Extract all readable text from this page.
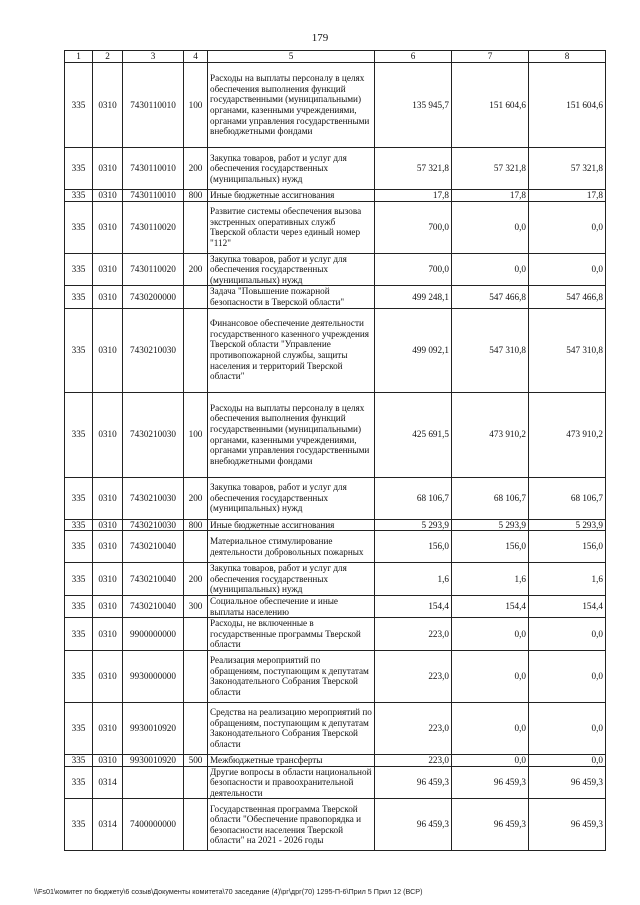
179
1	2	3	4	5	6	7	8
335	0310	7430110010	100	Расходы на выплаты персоналу в целях обеспечения выполнения функций государственными (муниципальными) органами, казенными учреждениями, органами управления государственными внебюджетными фондами	135 945,7	151 604,6	151 604,6
335	0310	7430110010	200	Закупка товаров, работ и услуг для обеспечения государственных (муниципальных) нужд	57 321,8	57 321,8	57 321,8
335	0310	7430110010	800	Иные бюджетные ассигнования	17,8	17,8	17,8
335	0310	7430110020		Развитие системы обеспечения вызова экстренных оперативных служб Тверской области через единый номер "112"	700,0	0,0	0,0
335	0310	7430110020	200	Закупка товаров, работ и услуг для обеспечения государственных (муниципальных) нужд	700,0	0,0	0,0
335	0310	7430200000		Задача "Повышение пожарной безопасности в Тверской области"	499 248,1	547 466,8	547 466,8
335	0310	7430210030		Финансовое обеспечение деятельности государственного казенного учреждения Тверской области "Управление противопожарной службы, защиты населения и территорий Тверской области"	499 092,1	547 310,8	547 310,8
335	0310	7430210030	100	Расходы на выплаты персоналу в целях обеспечения выполнения функций государственными (муниципальными) органами, казенными учреждениями, органами управления государственными внебюджетными фондами	425 691,5	473 910,2	473 910,2
335	0310	7430210030	200	Закупка товаров, работ и услуг для обеспечения государственных (муниципальных) нужд	68 106,7	68 106,7	68 106,7
335	0310	7430210030	800	Иные бюджетные ассигнования	5 293,9	5 293,9	5 293,9
335	0310	7430210040		Материальное стимулирование деятельности добровольных пожарных	156,0	156,0	156,0
335	0310	7430210040	200	Закупка товаров, работ и услуг для обеспечения государственных (муниципальных) нужд	1,6	1,6	1,6
335	0310	7430210040	300	Социальное обеспечение и иные выплаты населению	154,4	154,4	154,4
335	0310	9900000000		Расходы, не включенные в государственные программы Тверской области	223,0	0,0	0,0
335	0310	9930000000		Реализация мероприятий по обращениям, поступающим к депутатам Законодательного Собрания Тверской области	223,0	0,0	0,0
335	0310	9930010920		Средства на реализацию мероприятий по обращениям, поступающим к депутатам Законодательного Собрания Тверской области	223,0	0,0	0,0
335	0310	9930010920	500	Межбюджетные трансферты	223,0	0,0	0,0
335	0314			Другие вопросы в области национальной безопасности и правоохранительной деятельности	96 459,3	96 459,3	96 459,3
335	0314	7400000000		Государственная программа Тверской области "Обеспечение правопорядка и безопасности населения Тверской области" на 2021 - 2026 годы	96 459,3	96 459,3	96 459,3
\\Fs01\комитет по бюджету\6 созыв\Документы комитета\70 заседание (4)\рг\дрг(70) 1295-П-6\Прил 5 Прил 12 (ВСР)
